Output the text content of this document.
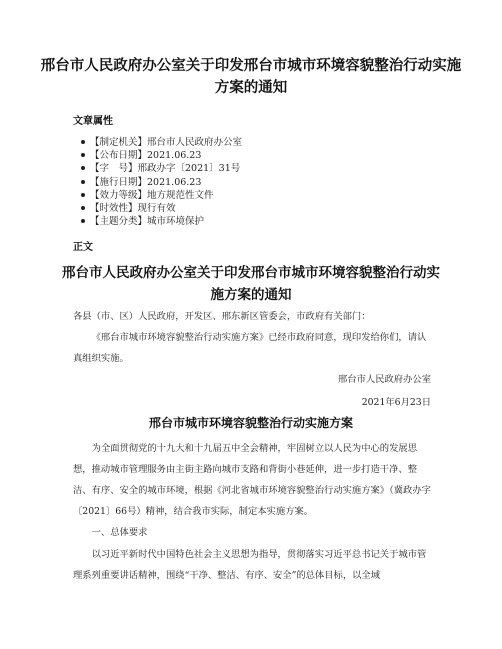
邢台市人民政府办公室关于印发邢台市城市环境容貌整治行动实施方案的通知
文章属性
【制定机关】邢台市人民政府办公室
【公布日期】2021.06.23
【字　号】邢政办字〔2021〕31号
【施行日期】2021.06.23
【效力等级】地方规范性文件
【时效性】现行有效
【主题分类】城市环境保护
正文
邢台市人民政府办公室关于印发邢台市城市环境容貌整治行动实施方案的通知
各县（市、区）人民政府，开发区、邢东新区管委会，市政府有关部门：
《邢台市城市环境容貌整治行动实施方案》已经市政府同意，现印发给你们，请认真组织实施。
邢台市人民政府办公室
2021年6月23日
邢台市城市环境容貌整治行动实施方案
为全面贯彻党的十九大和十九届五中全会精神，牢固树立以人民为中心的发展思想，推动城市管理服务由主街主路向城市支路和背街小巷延伸，进一步打造干净、整洁、有序、安全的城市环境，根据《河北省城市环境容貌整治行动实施方案》（冀政办字〔2021〕66号）精神，结合我市实际，制定本实施方案。
一、总体要求
以习近平新时代中国特色社会主义思想为指导，贯彻落实习近平总书记关于城市管理系列重要讲话精神，围绕“干净、整洁、有序、安全”的总体目标，以全域
